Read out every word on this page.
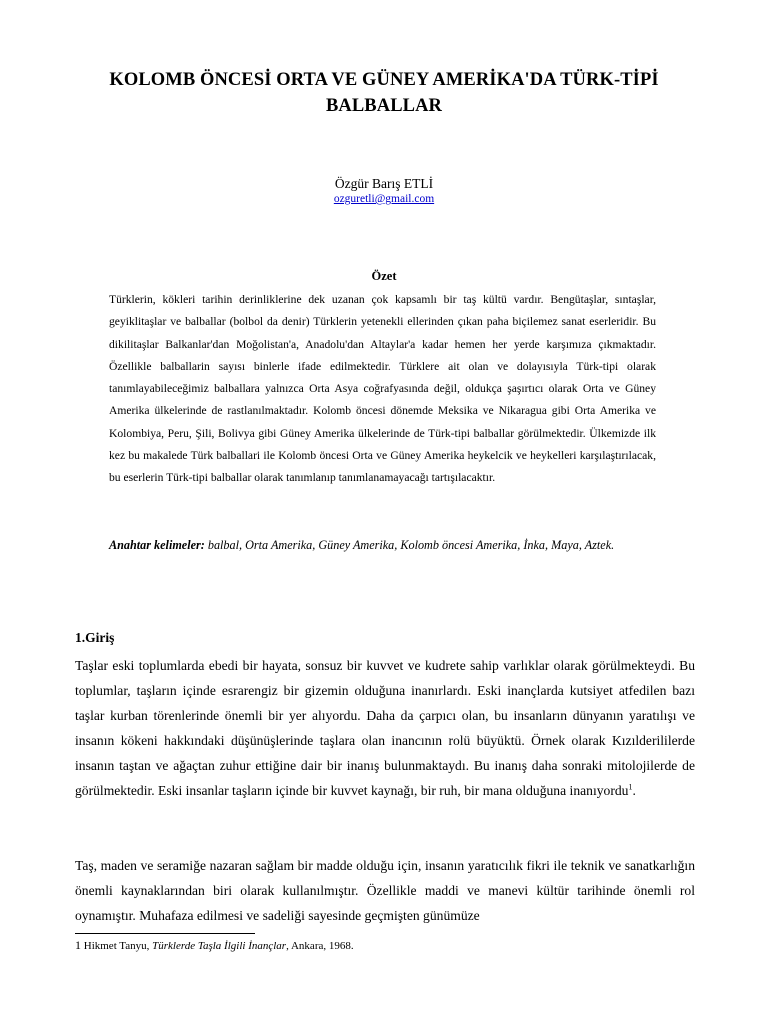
KOLOMB ÖNCESİ ORTA VE GÜNEY AMERİKA'DA TÜRK-TİPİ BALBALLAR
Özgür Barış ETLİ
ozguretli@gmail.com
Özet

Türklerin, kökleri tarihin derinliklerine dek uzanan çok kapsamlı bir taş kültü vardır. Bengütaşlar, sıntaşlar, geyiklitaşlar ve balballar (bolbol da denir) Türklerin yetenekli ellerinden çıkan paha biçilemez sanat eserleridir. Bu dikilitaşlar Balkanlar'dan Moğolistan'a, Anadolu'dan Altaylar'a kadar hemen her yerde karşımıza çıkmaktadır. Özellikle balballarin sayısı binlerle ifade edilmektedir. Türklere ait olan ve dolayısıyla Türk-tipi olarak tanımlayabileceğimiz balballara yalnızca Orta Asya coğrafyasında değil, oldukça şaşırtıcı olarak Orta ve Güney Amerika ülkelerinde de rastlanılmaktadır. Kolomb öncesi dönemde Meksika ve Nikaragua gibi Orta Amerika ve Kolombiya, Peru, Şili, Bolivya gibi Güney Amerika ülkelerinde de Türk-tipi balballar görülmektedir. Ülkemizde ilk kez bu makalede Türk balballari ile Kolomb öncesi Orta ve Güney Amerika heykelcik ve heykelleri karşılaştırılacak, bu eserlerin Türk-tipi balballar olarak tanımlanıp tanımlanamayacağı tartışılacaktır.

Anahtar kelimeler: balbal, Orta Amerika, Güney Amerika, Kolomb öncesi Amerika, İnka, Maya, Aztek.
1.Giriş

Taşlar eski toplumlarda ebedi bir hayata, sonsuz bir kuvvet ve kudrete sahip varlıklar olarak görülmekteydi. Bu toplumlar, taşların içinde esrarengiz bir gizemin olduğuna inanırlardı. Eski inançlarda kutsiyet atfedilen bazı taşlar kurban törenlerinde önemli bir yer alıyordu. Daha da çarpıcı olan, bu insanların dünyanın yaratılışı ve insanın kökeni hakkındaki düşünüşlerinde taşlara olan inancının rolü büyüktü. Örnek olarak Kızılderililerde insanın taştan ve ağaçtan zuhur ettiğine dair bir inanış bulunmaktaydı. Bu inanış daha sonraki mitolojilerde de görülmektedir. Eski insanlar taşların içinde bir kuvvet kaynağı, bir ruh, bir mana olduğuna inanıyordu$^1$.

Taş, maden ve seramiğe nazaran sağlam bir madde olduğu için, insanın yaratıcılık fikri ile teknik ve sanatkarlığın önemli kaynaklarından biri olarak kullanılmıştır. Özellikle maddi ve manevi kültür tarihinde önemli rol oynamıştır. Muhafaza edilmesi ve sadeliği sayesinde geçmişten günümüze

1 Hikmet Tanyu, Türklerde Taşla İlgili İnançlar, Ankara, 1968.
